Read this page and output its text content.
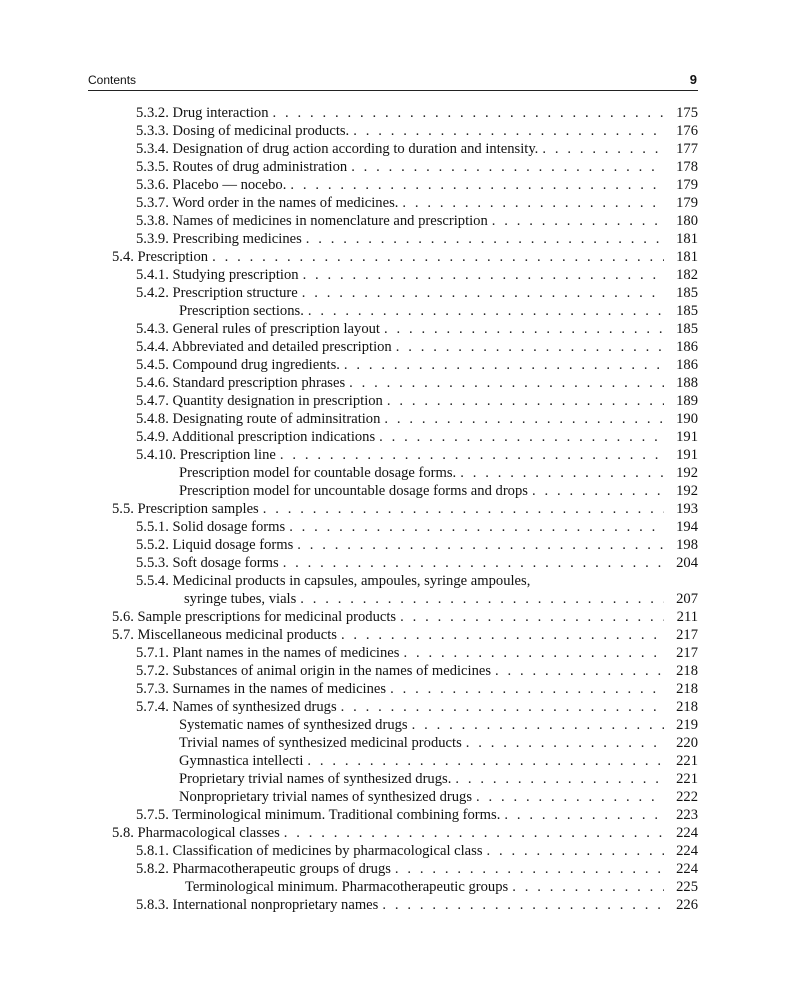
Contents	9
5.3.2. Drug interaction . . .	175
5.3.3. Dosing of medicinal products. . . .	176
5.3.4. Designation of drug action according to duration and intensity. . . .	177
5.3.5. Routes of drug administration . . .	178
5.3.6. Placebo — nocebo. . . .	179
5.3.7. Word order in the names of medicines. . . .	179
5.3.8. Names of medicines in nomenclature and prescription . . .	180
5.3.9. Prescribing medicines . . .	181
5.4. Prescription . . .	181
5.4.1. Studying prescription . . .	182
5.4.2. Prescription structure . . .	185
Prescription sections. . . .	185
5.4.3. General rules of prescription layout . . .	185
5.4.4. Abbreviated and detailed prescription . . .	186
5.4.5. Compound drug ingredients. . . .	186
5.4.6. Standard prescription phrases . . .	188
5.4.7. Quantity designation in prescription . . .	189
5.4.8. Designating route of adminsitration . . .	190
5.4.9. Additional prescription indications . . .	191
5.4.10. Prescription line . . .	191
Prescription model for countable dosage forms. . . .	192
Prescription model for uncountable dosage forms and drops . . .	192
5.5. Prescription samples . . .	193
5.5.1. Solid dosage forms . . .	194
5.5.2. Liquid dosage forms . . .	198
5.5.3. Soft dosage forms . . .	204
5.5.4. Medicinal products in capsules, ampoules, syringe ampoules,
syringe tubes, vials . . .	207
5.6. Sample prescriptions for medicinal products . . .	211
5.7. Miscellaneous medicinal products . . .	217
5.7.1. Plant names in the names of medicines . . .	217
5.7.2. Substances of animal origin in the names of medicines . . .	218
5.7.3. Surnames in the names of medicines . . .	218
5.7.4. Names of synthesized drugs . . .	218
Systematic names of synthesized drugs . . .	219
Trivial names of synthesized medicinal products . . .	220
Gymnastica intellecti . . .	221
Proprietary trivial names of synthesized drugs. . . .	221
Nonproprietary trivial names of synthesized drugs . . .	222
5.7.5. Terminological minimum. Traditional combining forms. . . .	223
5.8. Pharmacological classes . . .	224
5.8.1. Classification of medicines by pharmacological class . . .	224
5.8.2. Pharmacotherapeutic groups of drugs . . .	224
Terminological minimum. Pharmacotherapeutic groups . . .	225
5.8.3. International nonproprietary names . . .	226
